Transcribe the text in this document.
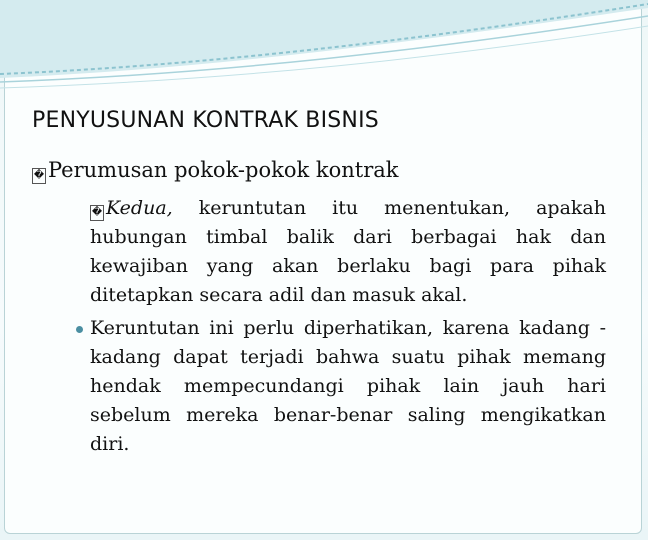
PENYUSUNAN KONTRAK BISNIS
� Perumusan pokok-pokok kontrak
� Kedua, keruntutan itu menentukan, apakah hubungan timbal balik dari berbagai hak dan kewajiban yang akan berlaku bagi para pihak ditetapkan secara adil dan masuk akal.
Keruntutan ini perlu diperhatikan, karena kadang -kadang dapat terjadi bahwa suatu pihak memang hendak mempecundangi pihak lain jauh hari sebelum mereka benar-benar saling mengikatkan diri.
